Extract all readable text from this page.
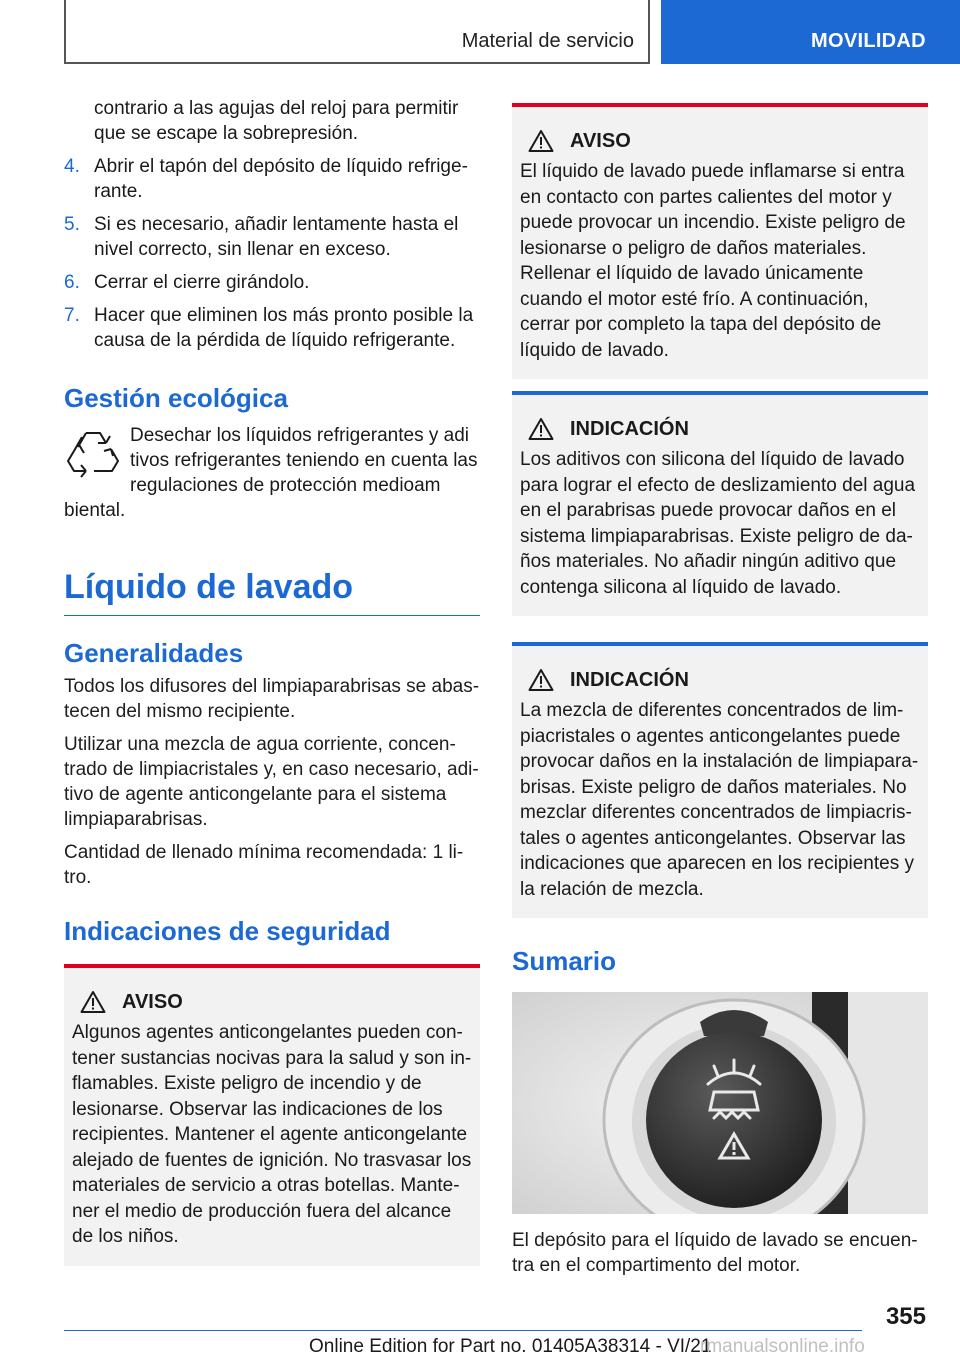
Material de servicio	MOVILIDAD
contrario a las agujas del reloj para permitir que se escape la sobrepresión.
4. Abrir el tapón del depósito de líquido refrigerante.
5. Si es necesario, añadir lentamente hasta el nivel correcto, sin llenar en exceso.
6. Cerrar el cierre girándolo.
7. Hacer que eliminen los más pronto posible la causa de la pérdida de líquido refrigerante.
Gestión ecológica
Desechar los líquidos refrigerantes y adi
tivos refrigerantes teniendo en cuenta las
regulaciones de protección medioam
biental.
Líquido de lavado
Generalidades

Todos los difusores del limpiaparabrisas se abastecen del mismo recipiente.

Utilizar una mezcla de agua corriente, concentrado de limpiacristales y, en caso necesario, aditivo de agente anticongelante para el sistema limpiaparabrisas.

Cantidad de llenado mínima recomendada: 1 litro.

Indicaciones de seguridad
AVISO
Algunos agentes anticongelantes pueden contener sustancias nocivas para la salud y son inflamables. Existe peligro de incendio y de lesionarse. Observar las indicaciones de los recipientes. Mantener el agente anticongelante alejado de fuentes de ignición. No trasvasar los materiales de servicio a otras botellas. Mantener el medio de producción fuera del alcance de los niños.
AVISO
El líquido de lavado puede inflamarse si entra en contacto con partes calientes del motor y puede provocar un incendio. Existe peligro de lesionarse o peligro de daños materiales. Rellenar el líquido de lavado únicamente cuando el motor esté frío. A continuación, cerrar por completo la tapa del depósito de líquido de lavado.
INDICACIÓN
Los aditivos con silicona del líquido de lavado para lograr el efecto de deslizamiento del agua en el parabrisas puede provocar daños en el sistema limpiaparabrisas. Existe peligro de daños materiales. No añadir ningún aditivo que contenga silicona al líquido de lavado.
INDICACIÓN
La mezcla de diferentes concentrados de limpiacristales o agentes anticongelantes puede provocar daños en la instalación de limpiaparabrisas. Existe peligro de daños materiales. No mezclar diferentes concentrados de limpiacristales o agentes anticongelantes. Observar las indicaciones que aparecen en los recipientes y la relación de mezcla.
Sumario

El depósito para el líquido de lavado se encuentra en el compartimento del motor.

355
Online Edition for Part no. 01405A38314 - VI/21
rmanualsonline.info
